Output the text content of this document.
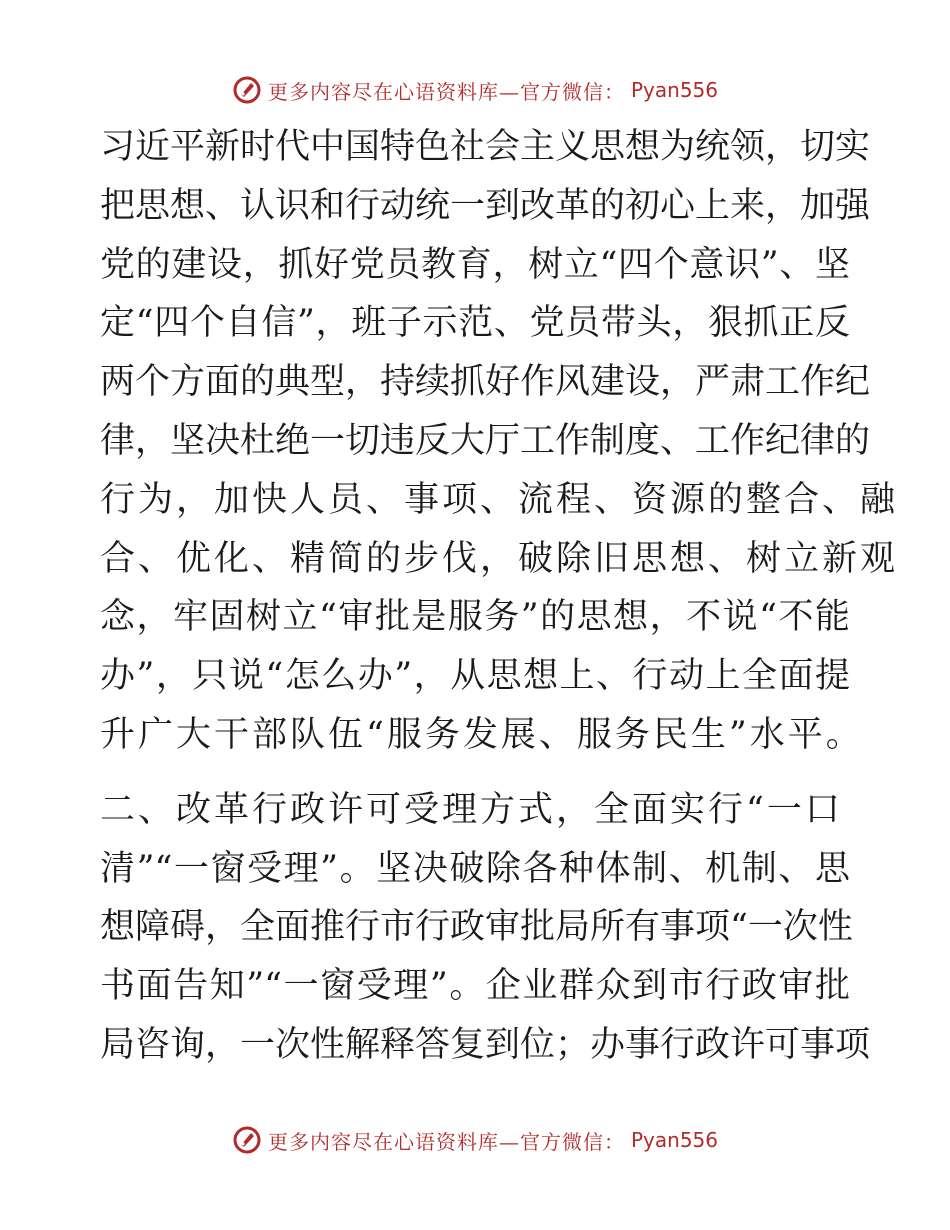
更多内容尽在心语资料库—官方微信： Pyan556
习近平新时代中国特色社会主义思想为统领，切实
把思想、认识和行动统一到改革的初心上来，加强
党的建设，抓好党员教育，树立“四个意识”、坚
定“四个自信”，班子示范、党员带头，狠抓正反
两个方面的典型，持续抓好作风建设，严肃工作纪
律，坚决杜绝一切违反大厅工作制度、工作纪律的
行为，加快人员、事项、流程、资源的整合、融
合、优化、精简的步伐，破除旧思想、树立新观
念，牢固树立“审批是服务”的思想，不说“不能
办”，只说“怎么办”，从思想上、行动上全面提
升广大干部队伍“服务发展、服务民生”水平。
二、改革行政许可受理方式，全面实行“一口
清”“一窗受理”。坚决破除各种体制、机制、思
想障碍，全面推行市行政审批局所有事项“一次性
书面告知”“一窗受理”。企业群众到市行政审批
局咨询，一次性解释答复到位；办事行政许可事项
更多内容尽在心语资料库—官方微信： Pyan556
